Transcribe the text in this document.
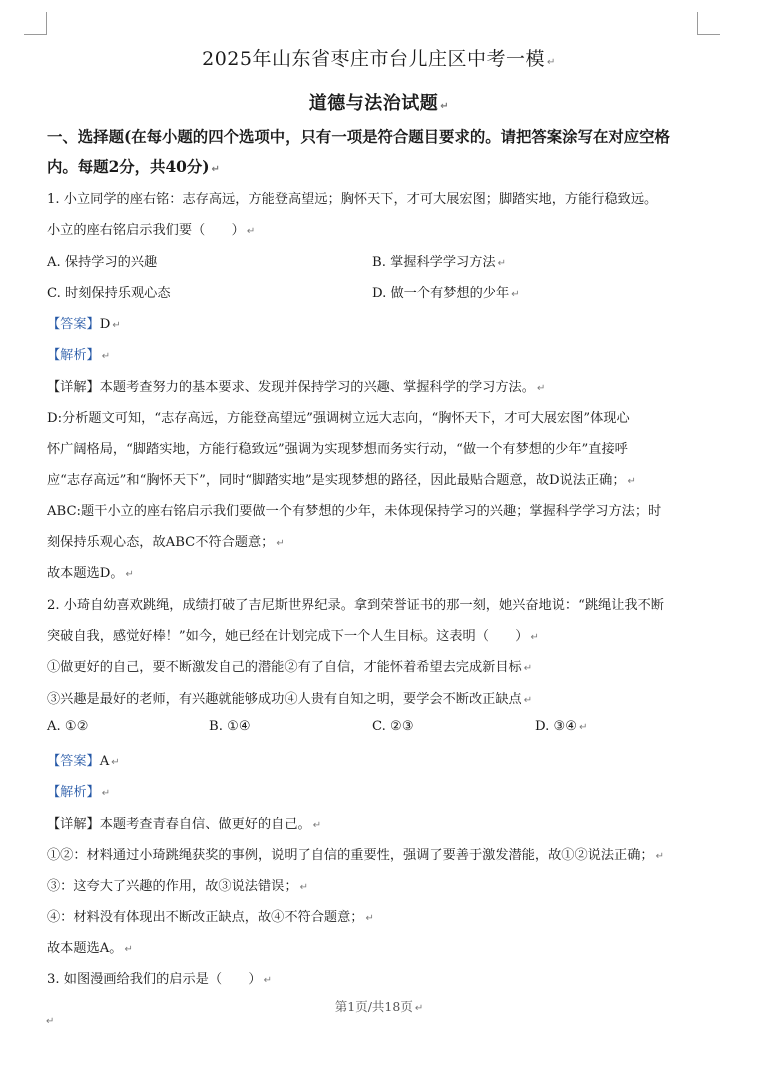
2025年山东省枣庄市台儿庄区中考一模 ↵
道德与法治试题 ↵
一、选择题(在每小题的四个选项中，只有一项是符合题目要求的。请把答案涂写在对应空格
内。每题2分，共40分) ↵
1. 小立同学的座右铭：志存高远，方能登高望远；胸怀天下，才可大展宏图；脚踏实地，方能行稳致远。
小立的座右铭启示我们要（　　） ↵
A. 保持学习的兴趣	B. 掌握科学学习方法 ↵
C. 时刻保持乐观心态	D. 做一个有梦想的少年 ↵
【答案】D ↵
【解析】 ↵
【详解】本题考查努力的基本要求、发现并保持学习的兴趣、掌握科学的学习方法。 ↵
D:分析题文可知，“志存高远，方能登高望远”强调树立远大志向，“胸怀天下，才可大展宏图”体现心
怀广阔格局，“脚踏实地，方能行稳致远”强调为实现梦想而务实行动，“做一个有梦想的少年”直接呼
应“志存高远”和“胸怀天下”，同时“脚踏实地”是实现梦想的路径，因此最贴合题意，故D说法正确； ↵
ABC:题干小立的座右铭启示我们要做一个有梦想的少年，未体现保持学习的兴趣；掌握科学学习方法；时
刻保持乐观心态，故ABC不符合题意； ↵
故本题选D。 ↵
2. 小琦自幼喜欢跳绳，成绩打破了吉尼斯世界纪录。拿到荣誉证书的那一刻，她兴奋地说：“跳绳让我不断
突破自我，感觉好棒！”如今，她已经在计划完成下一个人生目标。这表明（　　） ↵
①做更好的自己，要不断激发自己的潜能②有了自信，才能怀着希望去完成新目标 ↵
③兴趣是最好的老师，有兴趣就能够成功④人贵有自知之明，要学会不断改正缺点 ↵
A. ①②	B. ①④	C. ②③	D. ③④ ↵
【答案】A ↵
【解析】 ↵
【详解】本题考查青春自信、做更好的自己。 ↵
①②：材料通过小琦跳绳获奖的事例，说明了自信的重要性，强调了要善于激发潜能，故①②说法正确； ↵
③：这夸大了兴趣的作用，故③说法错误； ↵
④：材料没有体现出不断改正缺点，故④不符合题意； ↵
故本题选A。 ↵
3. 如图漫画给我们的启示是（　　） ↵
第1页/共18页 ↵
↵
